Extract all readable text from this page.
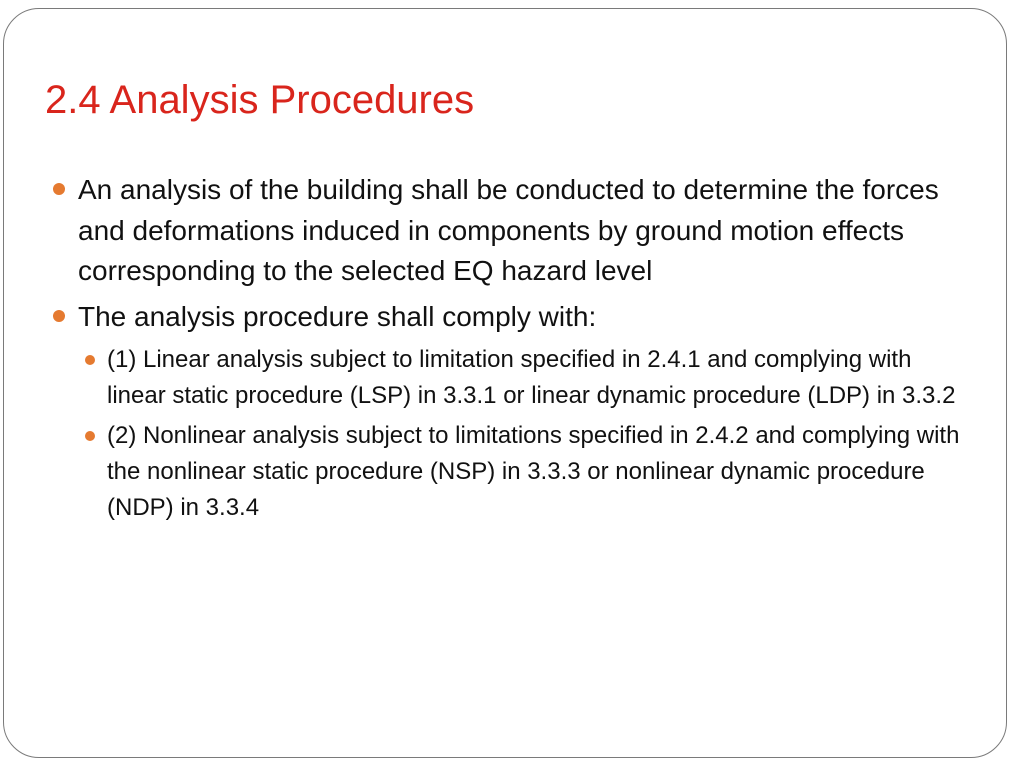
2.4 Analysis Procedures
An analysis of the building shall be conducted to determine the forces and deformations induced in components by ground motion effects corresponding to the selected EQ hazard level
The analysis procedure shall comply with:
(1) Linear analysis subject to limitation specified in 2.4.1 and complying with linear static procedure (LSP) in 3.3.1 or linear dynamic procedure (LDP) in 3.3.2
(2) Nonlinear analysis subject to limitations specified in 2.4.2 and complying with the nonlinear static procedure (NSP) in 3.3.3 or nonlinear dynamic procedure (NDP) in 3.3.4
